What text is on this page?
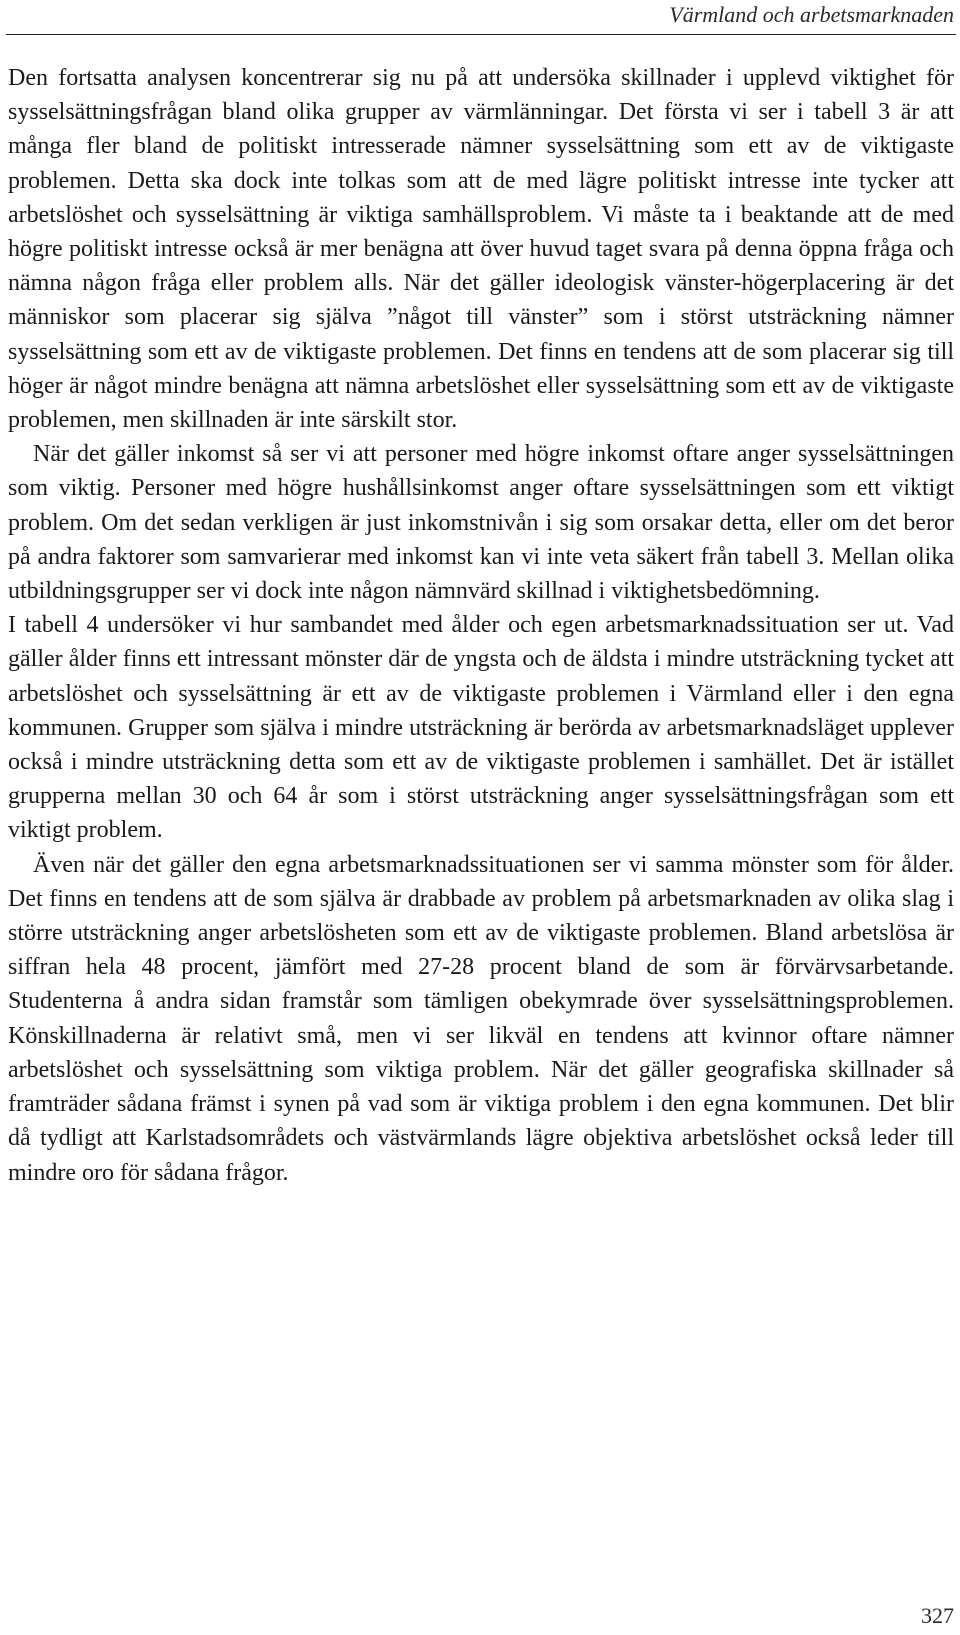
Värmland och arbetsmarknaden

Den fortsatta analysen koncentrerar sig nu på att undersöka skillnader i upplevd viktighet för sysselsättningsfrågan bland olika grupper av värmlänningar. Det första vi ser i tabell 3 är att många fler bland de politiskt intresserade nämner sysselsättning som ett av de viktigaste problemen. Detta ska dock inte tolkas som att de med lägre politiskt intresse inte tycker att arbetslöshet och sysselsättning är viktiga samhällsproblem. Vi måste ta i beaktande att de med högre politiskt intresse också är mer benägna att över huvud taget svara på denna öppna fråga och nämna någon fråga eller problem alls. När det gäller ideologisk vänster-högerplacering är det människor som placerar sig själva ”något till vänster” som i störst utsträckning nämner sysselsättning som ett av de viktigaste problemen. Det finns en tendens att de som placerar sig till höger är något mindre benägna att nämna arbetslöshet eller sysselsättning som ett av de viktigaste problemen, men skillnaden är inte särskilt stor.

När det gäller inkomst så ser vi att personer med högre inkomst oftare anger sysselsättningen som viktig. Personer med högre hushållsinkomst anger oftare sysselsättningen som ett viktigt problem. Om det sedan verkligen är just inkomstnivån i sig som orsakar detta, eller om det beror på andra faktorer som samvarierar med inkomst kan vi inte veta säkert från tabell 3. Mellan olika utbildningsgrupper ser vi dock inte någon nämnvärd skillnad i viktighetsbedömning.

I tabell 4 undersöker vi hur sambandet med ålder och egen arbetsmarknadssituation ser ut. Vad gäller ålder finns ett intressant mönster där de yngsta och de äldsta i mindre utsträckning tycket att arbetslöshet och sysselsättning är ett av de viktigaste problemen i Värmland eller i den egna kommunen. Grupper som själva i mindre utsträckning är berörda av arbetsmarknadsläget upplever också i mindre utsträckning detta som ett av de viktigaste problemen i samhället. Det är istället grupperna mellan 30 och 64 år som i störst utsträckning anger sysselsättningsfrågan som ett viktigt problem.

Även när det gäller den egna arbetsmarknadssituationen ser vi samma mönster som för ålder. Det finns en tendens att de som själva är drabbade av problem på arbetsmarknaden av olika slag i större utsträckning anger arbetslösheten som ett av de viktigaste problemen. Bland arbetslösa är siffran hela 48 procent, jämfört med 27-28 procent bland de som är förvärvsarbetande. Studenterna å andra sidan framstår som tämligen obekymrade över sysselsättningsproblemen. Könskillnaderna är relativt små, men vi ser likväl en tendens att kvinnor oftare nämner arbetslöshet och sysselsättning som viktiga problem. När det gäller geografiska skillnader så framträder sådana främst i synen på vad som är viktiga problem i den egna kommunen. Det blir då tydligt att Karlstadsområdets och västvärmlands lägre objektiva arbetslöshet också leder till mindre oro för sådana frågor.

327
